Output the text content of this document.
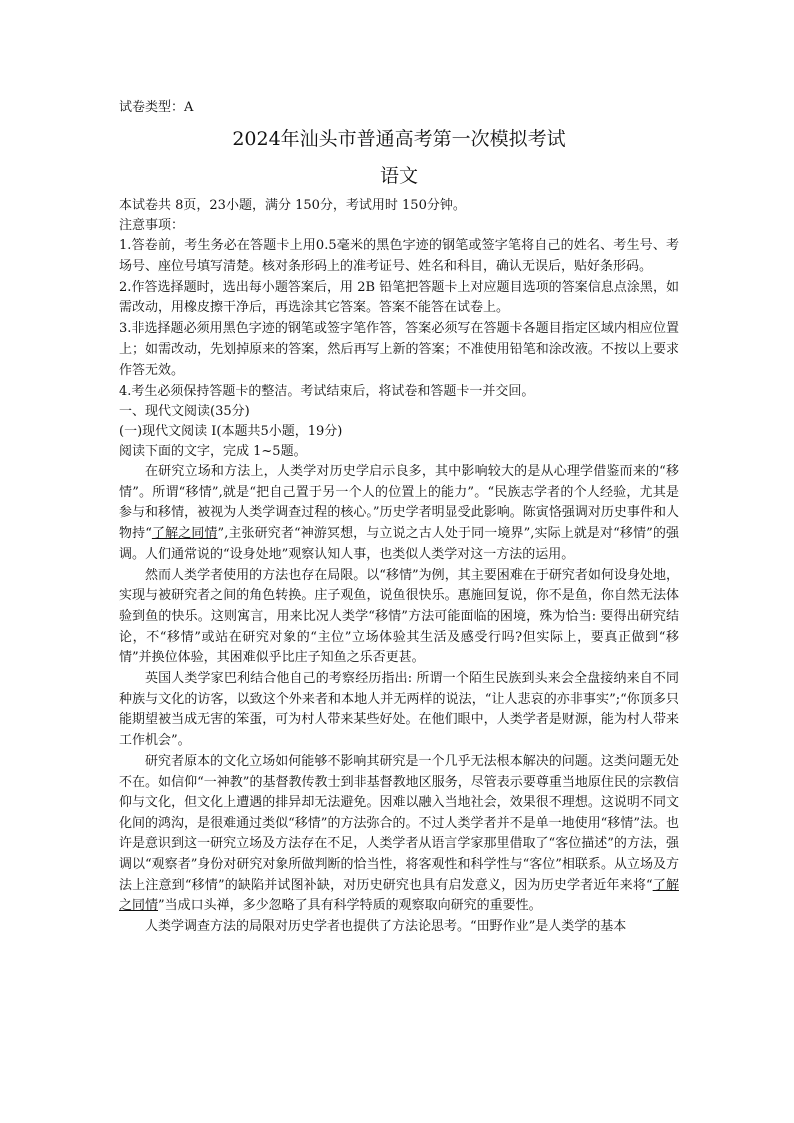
试卷类型：A

2024年汕头市普通高考第一次模拟考试
语文

本试卷共 8页，23小题，满分 150分，考试用时 150分钟。

注意事项：

1.答卷前，考生务必在答题卡上用0.5毫米的黑色字迹的钢笔或签字笔将自己的姓名、考生号、考场号、座位号填写清楚。核对条形码上的准考证号、姓名和科目，确认无误后，贴好条形码。

2.作答选择题时，选出每小题答案后，用 2B 铅笔把答题卡上对应题目选项的答案信息点涂黑，如需改动，用橡皮擦干净后，再选涂其它答案。答案不能答在试卷上。

3.非选择题必须用黑色字迹的钢笔或签字笔作答，答案必须写在答题卡各题目指定区域内相应位置上；如需改动，先划掉原来的答案，然后再写上新的答案；不准使用铅笔和涂改液。不按以上要求作答无效。

4.考生必须保持答题卡的整洁。考试结束后，将试卷和答题卡一并交回。

一、现代文阅读(35分)

(一)现代文阅读 I(本题共5小题，19分)

阅读下面的文字，完成 1~5题。

在研究立场和方法上，人类学对历史学启示良多，其中影响较大的是从心理学借鉴而来的“移情”。所谓“移情”,就是“把自己置于另一个人的位置上的能力”。“民族志学者的个人经验，尤其是参与和移情，被视为人类学调查过程的核心。”历史学者明显受此影响。陈寅恪强调对历史事件和人物持“了解之同情”,主张研究者“神游冥想，与立说之古人处于同一境界”,实际上就是对“移情”的强调。人们通常说的“设身处地”观察认知人事，也类似人类学对这一方法的运用。

然而人类学者使用的方法也存在局限。以“移情”为例，其主要困难在于研究者如何设身处地，实现与被研究者之间的角色转换。庄子观鱼，说鱼很快乐。惠施回复说，你不是鱼，你自然无法体验到鱼的快乐。这则寓言，用来比况人类学“移情”方法可能面临的困境，殊为恰当: 要得出研究结论，不“移情”或站在研究对象的“主位”立场体验其生活及感受行吗?但实际上，要真正做到“移情”并换位体验，其困难似乎比庄子知鱼之乐否更甚。

英国人类学家巴利结合他自己的考察经历指出: 所谓一个陌生民族到头来会全盘接纳来自不同种族与文化的访客，以致这个外来者和本地人并无两样的说法，“让人悲哀的亦非事实”;“你顶多只能期望被当成无害的笨蛋，可为村人带来某些好处。在他们眼中，人类学者是财源，能为村人带来工作机会”。

研究者原本的文化立场如何能够不影响其研究是一个几乎无法根本解决的问题。这类问题无处不在。如信仰“一神教”的基督教传教士到非基督教地区服务，尽管表示要尊重当地原住民的宗教信仰与文化，但文化上遭遇的排异却无法避免。因难以融入当地社会，效果很不理想。这说明不同文化间的鸿沟，是很难通过类似“移情”的方法弥合的。不过人类学者并不是单一地使用“移情”法。也许是意识到这一研究立场及方法存在不足，人类学者从语言学家那里借取了“客位描述”的方法，强调以“观察者”身份对研究对象所做判断的恰当性，将客观性和科学性与“客位”相联系。从立场及方法上注意到“移情”的缺陷并试图补缺，对历史研究也具有启发意义，因为历史学者近年来将“了解之同情”当成口头禅，多少忽略了具有科学特质的观察取向研究的重要性。

人类学调查方法的局限对历史学者也提供了方法论思考。“田野作业”是人类学的基本
